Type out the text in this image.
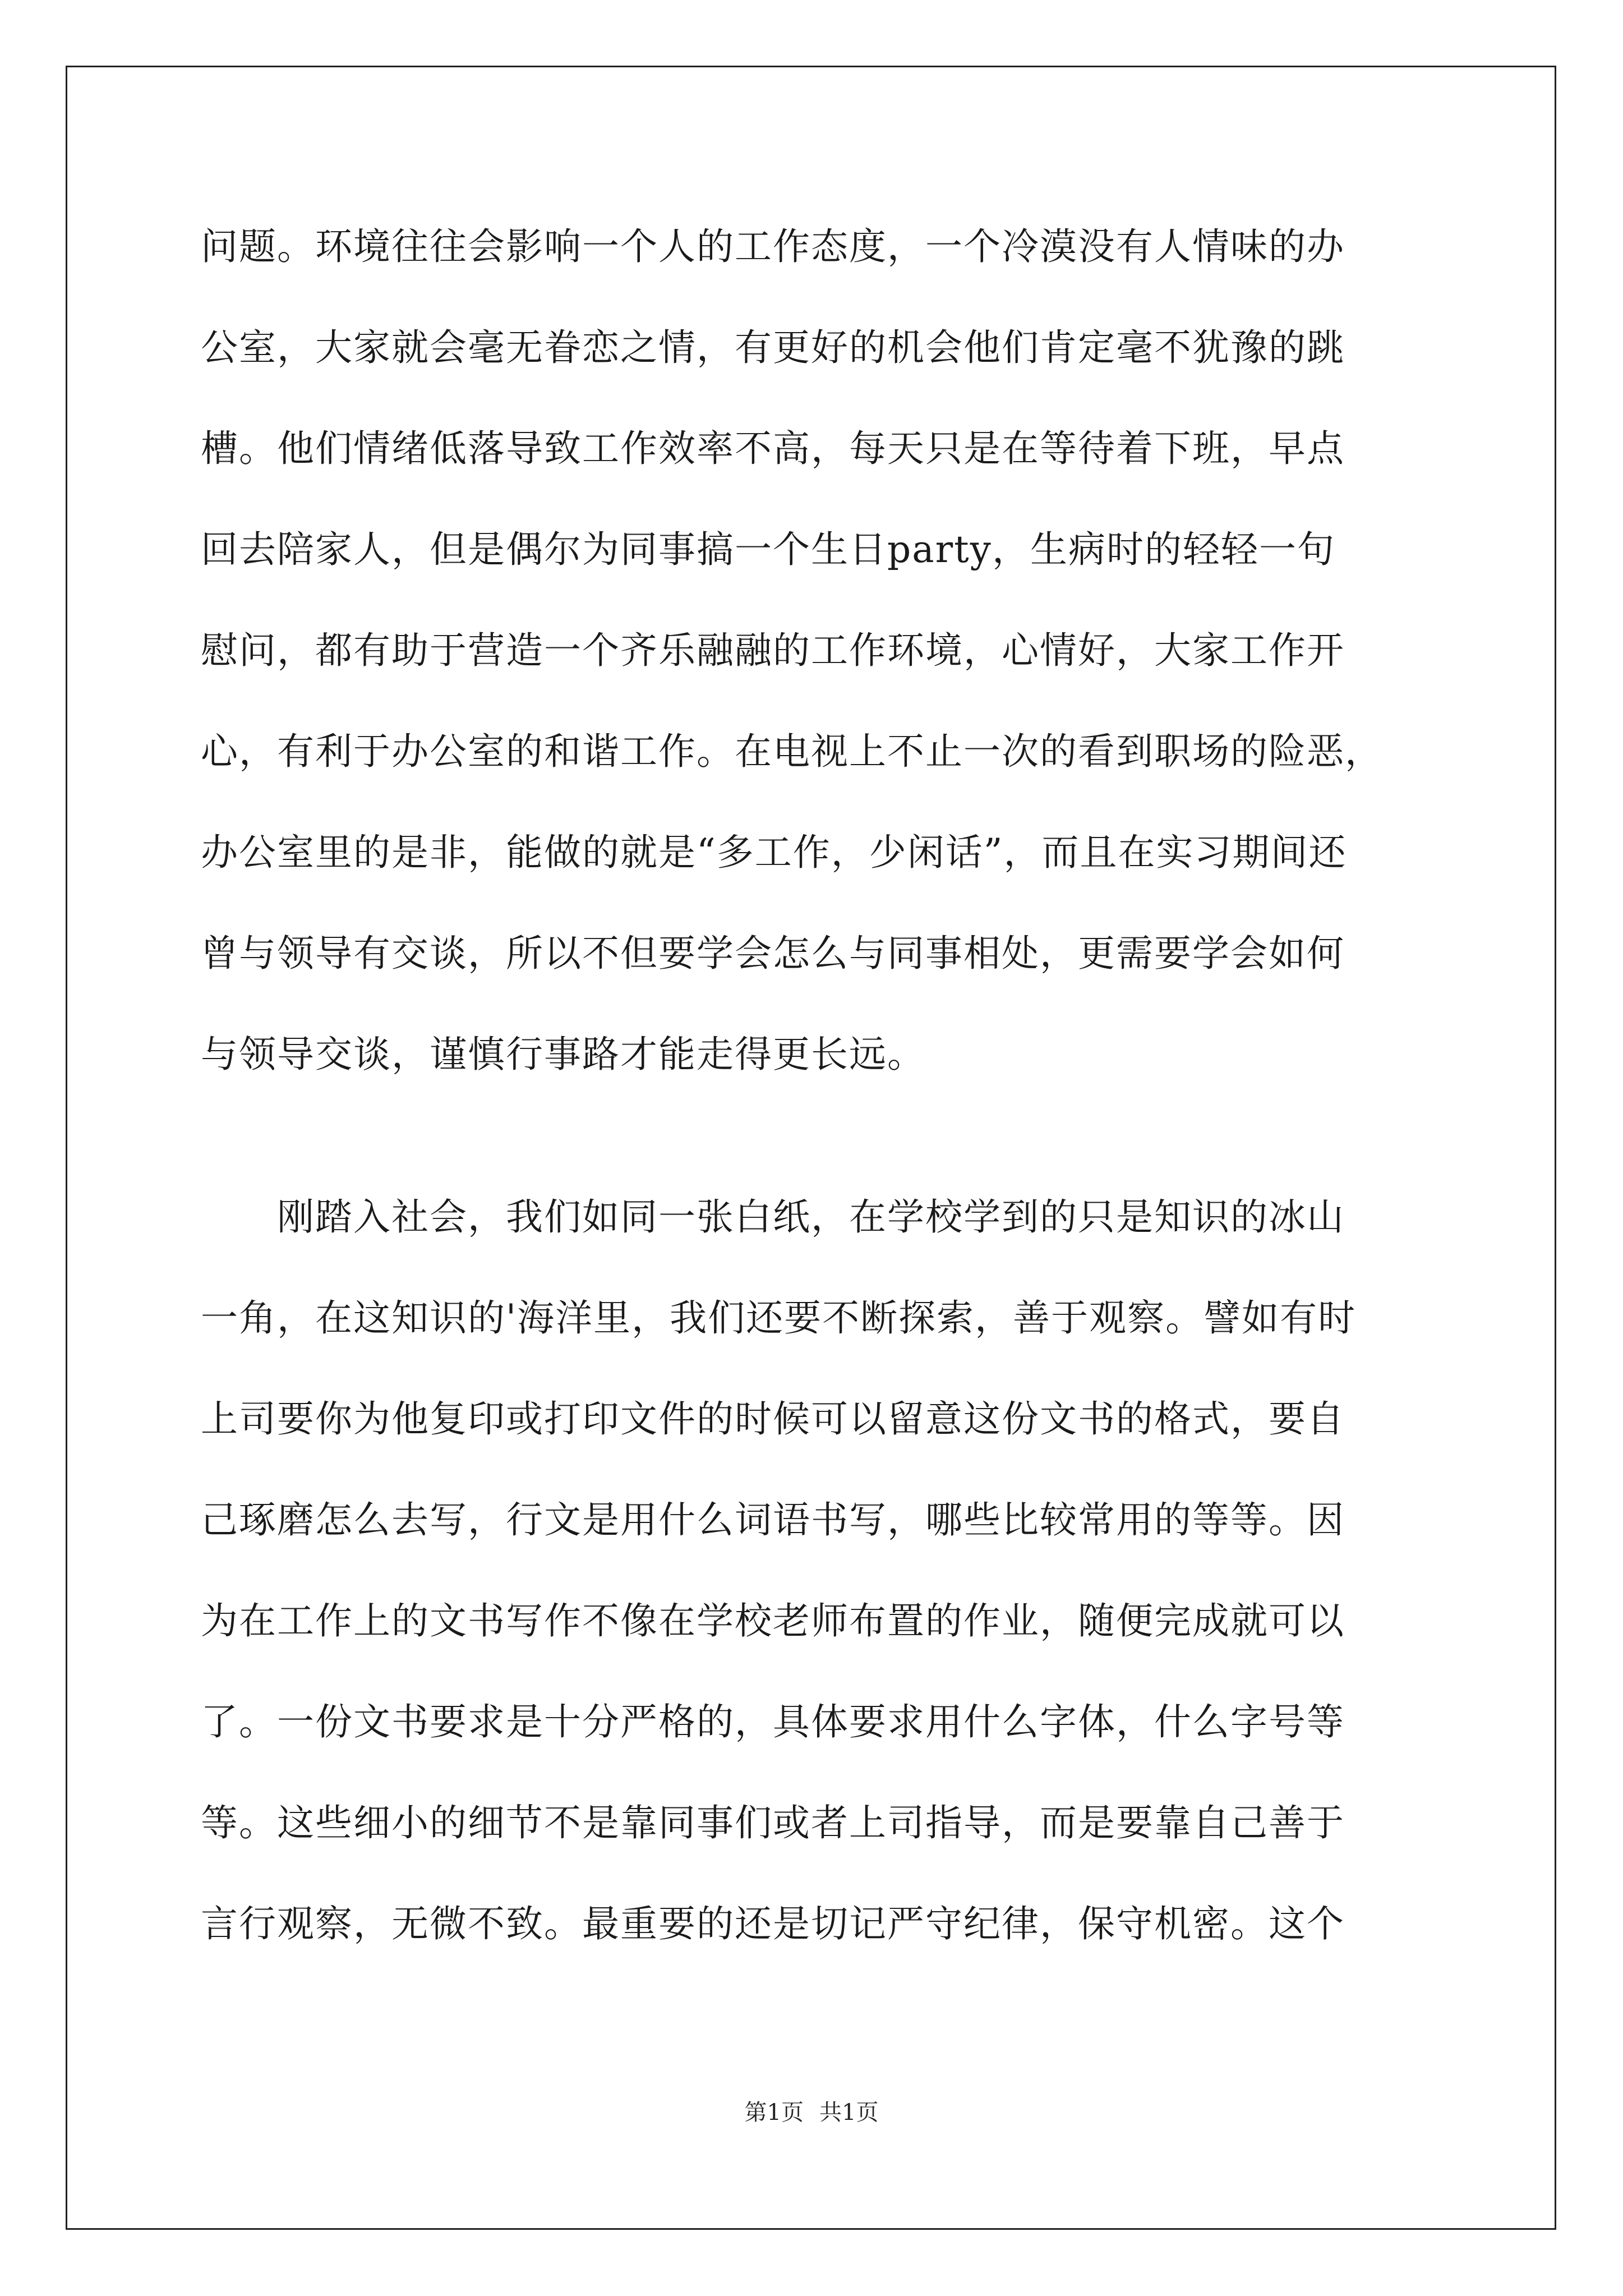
问题。环境往往会影响一个人的工作态度，一个冷漠没有人情味的办
公室，大家就会毫无眷恋之情，有更好的机会他们肯定毫不犹豫的跳
槽。他们情绪低落导致工作效率不高，每天只是在等待着下班，早点
回去陪家人，但是偶尔为同事搞一个生日party，生病时的轻轻一句
慰问，都有助于营造一个齐乐融融的工作环境，心情好，大家工作开
心，有利于办公室的和谐工作。在电视上不止一次的看到职场的险恶，
办公室里的是非，能做的就是“多工作，少闲话”，而且在实习期间还
曾与领导有交谈，所以不但要学会怎么与同事相处，更需要学会如何
与领导交谈，谨慎行事路才能走得更长远。
　　刚踏入社会，我们如同一张白纸，在学校学到的只是知识的冰山
一角，在这知识的'海洋里，我们还要不断探索，善于观察。譬如有时
上司要你为他复印或打印文件的时候可以留意这份文书的格式，要自
己琢磨怎么去写，行文是用什么词语书写，哪些比较常用的等等。因
为在工作上的文书写作不像在学校老师布置的作业，随便完成就可以
了。一份文书要求是十分严格的，具体要求用什么字体，什么字号等
等。这些细小的细节不是靠同事们或者上司指导，而是要靠自己善于
言行观察，无微不致。最重要的还是切记严守纪律，保守机密。这个
第1页 共1页
